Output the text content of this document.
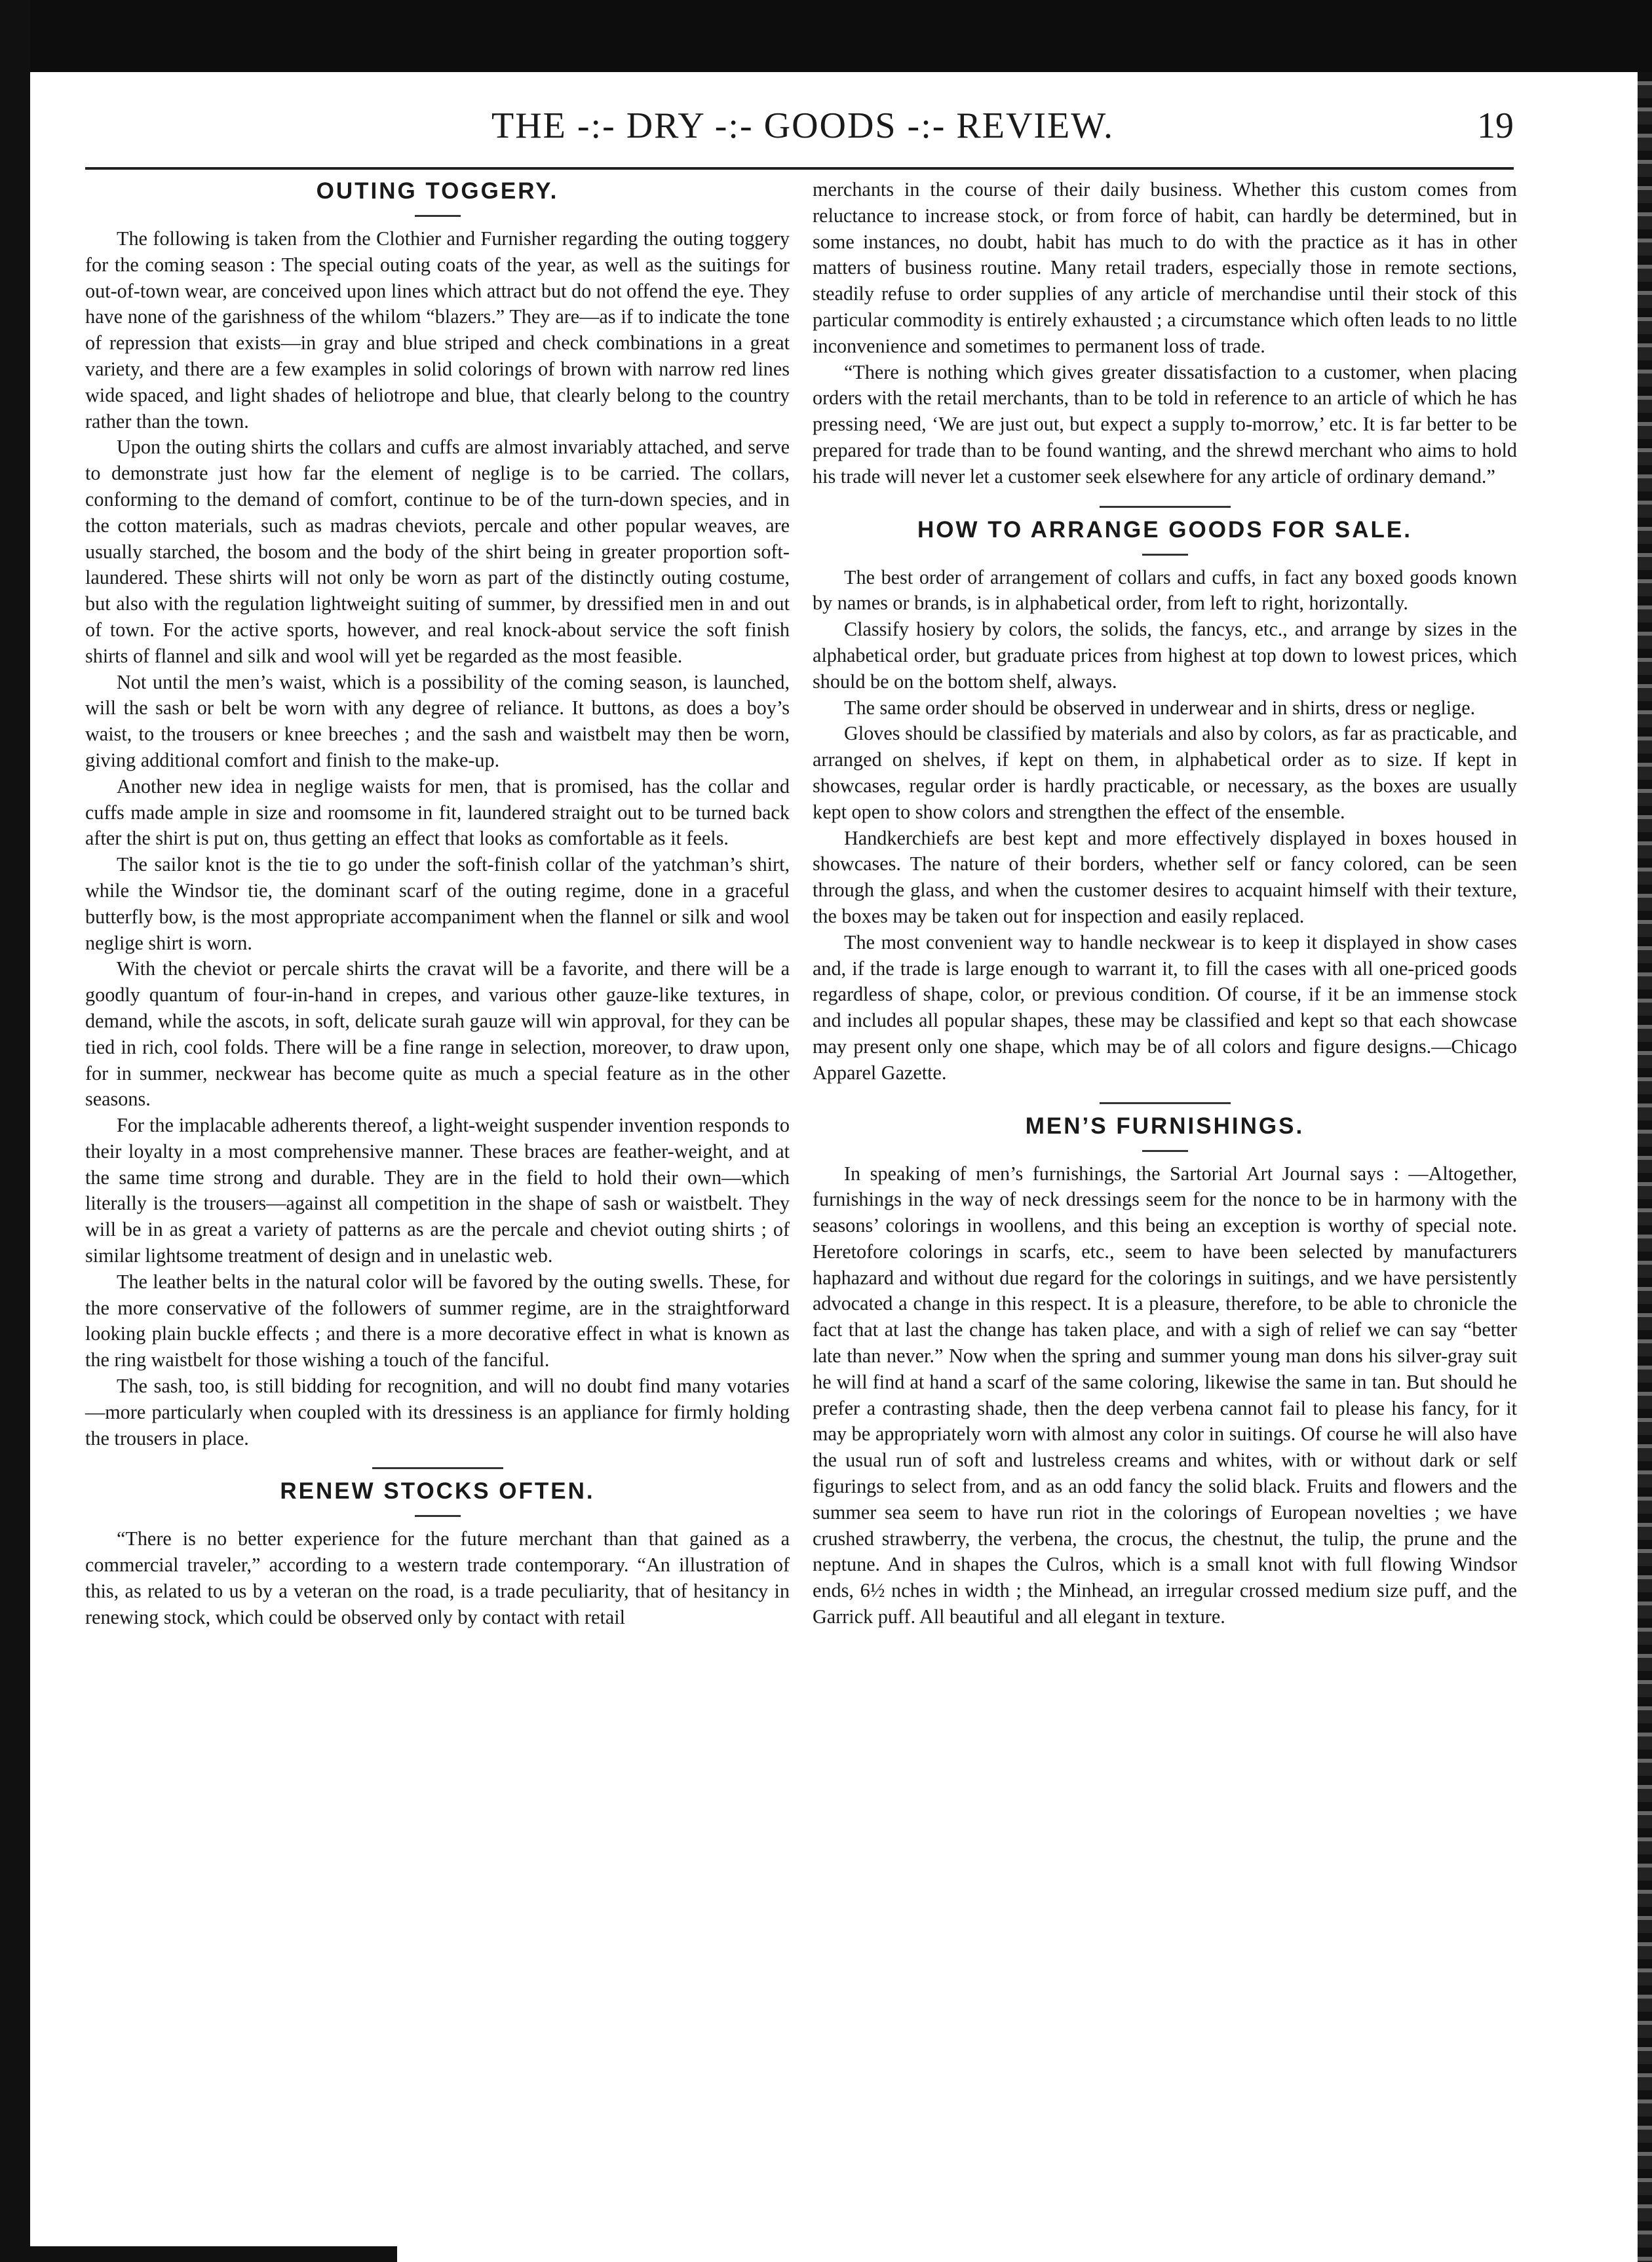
THE -:- DRY -:- GOODS -:- REVIEW.	19
OUTING TOGGERY.

The following is taken from the Clothier and Furnisher regarding the outing toggery for the coming season : The special outing coats of the year, as well as the suitings for out-of-town wear, are conceived upon lines which attract but do not offend the eye. They have none of the garishness of the whilom “blazers.” They are—as if to indicate the tone of repression that exists—in gray and blue striped and check combinations in a great variety, and there are a few examples in solid colorings of brown with narrow red lines wide spaced, and light shades of heliotrope and blue, that clearly belong to the country rather than the town.

Upon the outing shirts the collars and cuffs are almost invariably attached, and serve to demonstrate just how far the element of neglige is to be carried. The collars, conforming to the demand of comfort, continue to be of the turn-down species, and in the cotton materials, such as madras cheviots, percale and other popular weaves, are usually starched, the bosom and the body of the shirt being in greater proportion soft-laundered. These shirts will not only be worn as part of the distinctly outing costume, but also with the regulation lightweight suiting of summer, by dressified men in and out of town. For the active sports, however, and real knock-about service the soft finish shirts of flannel and silk and wool will yet be regarded as the most feasible.

Not until the men’s waist, which is a possibility of the coming season, is launched, will the sash or belt be worn with any degree of reliance. It buttons, as does a boy’s waist, to the trousers or knee breeches ; and the sash and waistbelt may then be worn, giving additional comfort and finish to the make-up.

Another new idea in neglige waists for men, that is promised, has the collar and cuffs made ample in size and roomsome in fit, laundered straight out to be turned back after the shirt is put on, thus getting an effect that looks as comfortable as it feels.

The sailor knot is the tie to go under the soft-finish collar of the yatchman’s shirt, while the Windsor tie, the dominant scarf of the outing regime, done in a graceful butterfly bow, is the most appropriate accompaniment when the flannel or silk and wool neglige shirt is worn.

With the cheviot or percale shirts the cravat will be a favorite, and there will be a goodly quantum of four-in-hand in crepes, and various other gauze-like textures, in demand, while the ascots, in soft, delicate surah gauze will win approval, for they can be tied in rich, cool folds. There will be a fine range in selection, moreover, to draw upon, for in summer, neckwear has become quite as much a special feature as in the other seasons.

For the implacable adherents thereof, a light-weight suspender invention responds to their loyalty in a most comprehensive manner. These braces are feather-weight, and at the same time strong and durable. They are in the field to hold their own—which literally is the trousers—against all competition in the shape of sash or waistbelt. They will be in as great a variety of patterns as are the percale and cheviot outing shirts ; of similar lightsome treatment of design and in unelastic web.

The leather belts in the natural color will be favored by the outing swells. These, for the more conservative of the followers of summer regime, are in the straightforward looking plain buckle effects ; and there is a more decorative effect in what is known as the ring waistbelt for those wishing a touch of the fanciful.

The sash, too, is still bidding for recognition, and will no doubt find many votaries—more particularly when coupled with its dressiness is an appliance for firmly holding the trousers in place.

RENEW STOCKS OFTEN.

“There is no better experience for the future merchant than that gained as a commercial traveler,” according to a western trade contemporary. “An illustration of this, as related to us by a veteran on the road, is a trade peculiarity, that of hesitancy in renewing stock, which could be observed only by contact with retail

merchants in the course of their daily business. Whether this custom comes from reluctance to increase stock, or from force of habit, can hardly be determined, but in some instances, no doubt, habit has much to do with the practice as it has in other matters of business routine. Many retail traders, especially those in remote sections, steadily refuse to order supplies of any article of merchandise until their stock of this particular commodity is entirely exhausted ; a circumstance which often leads to no little inconvenience and sometimes to permanent loss of trade.

“There is nothing which gives greater dissatisfaction to a customer, when placing orders with the retail merchants, than to be told in reference to an article of which he has pressing need, ‘We are just out, but expect a supply to-morrow,’ etc. It is far better to be prepared for trade than to be found wanting, and the shrewd merchant who aims to hold his trade will never let a customer seek elsewhere for any article of ordinary demand.”

HOW TO ARRANGE GOODS FOR SALE.

The best order of arrangement of collars and cuffs, in fact any boxed goods known by names or brands, is in alphabetical order, from left to right, horizontally.

Classify hosiery by colors, the solids, the fancys, etc., and arrange by sizes in the alphabetical order, but graduate prices from highest at top down to lowest prices, which should be on the bottom shelf, always.

The same order should be observed in underwear and in shirts, dress or neglige.

Gloves should be classified by materials and also by colors, as far as practicable, and arranged on shelves, if kept on them, in alphabetical order as to size. If kept in showcases, regular order is hardly practicable, or necessary, as the boxes are usually kept open to show colors and strengthen the effect of the ensemble.

Handkerchiefs are best kept and more effectively displayed in boxes housed in showcases. The nature of their borders, whether self or fancy colored, can be seen through the glass, and when the customer desires to acquaint himself with their texture, the boxes may be taken out for inspection and easily replaced.

The most convenient way to handle neckwear is to keep it displayed in show cases and, if the trade is large enough to warrant it, to fill the cases with all one-priced goods regardless of shape, color, or previous condition. Of course, if it be an immense stock and includes all popular shapes, these may be classified and kept so that each showcase may present only one shape, which may be of all colors and figure designs.—Chicago Apparel Gazette.

MEN’S FURNISHINGS.

In speaking of men’s furnishings, the Sartorial Art Journal says : —Altogether, furnishings in the way of neck dressings seem for the nonce to be in harmony with the seasons’ colorings in woollens, and this being an exception is worthy of special note. Heretofore colorings in scarfs, etc., seem to have been selected by manufacturers haphazard and without due regard for the colorings in suitings, and we have persistently advocated a change in this respect. It is a pleasure, therefore, to be able to chronicle the fact that at last the change has taken place, and with a sigh of relief we can say “better late than never.” Now when the spring and summer young man dons his silver-gray suit he will find at hand a scarf of the same coloring, likewise the same in tan. But should he prefer a contrasting shade, then the deep verbena cannot fail to please his fancy, for it may be appropriately worn with almost any color in suitings. Of course he will also have the usual run of soft and lustreless creams and whites, with or without dark or self figurings to select from, and as an odd fancy the solid black. Fruits and flowers and the summer sea seem to have run riot in the colorings of European novelties ; we have crushed strawberry, the verbena, the crocus, the chestnut, the tulip, the prune and the neptune. And in shapes the Culros, which is a small knot with full flowing Windsor ends, 6½ nches in width ; the Minhead, an irregular crossed medium size puff, and the Garrick puff. All beautiful and all elegant in texture.
